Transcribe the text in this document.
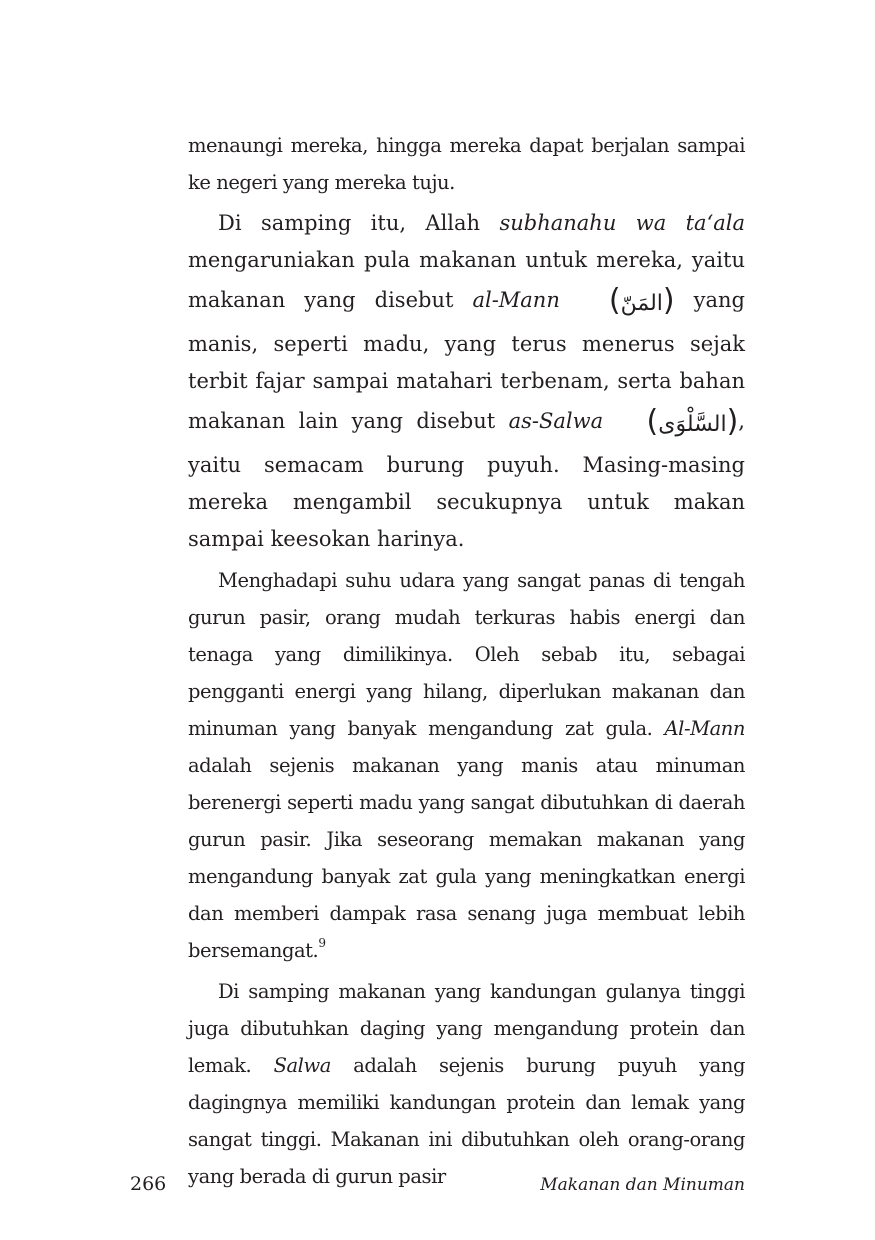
menaungi mereka, hingga mereka dapat berjalan sampai ke negeri yang mereka tuju.

Di samping itu, Allah subhanahu wa ta‘ala mengaruniakan pula makanan untuk mereka, yaitu makanan yang disebut al-Mann (المَنّ) yang manis, seperti madu, yang terus menerus sejak terbit fajar sampai matahari terbenam, serta bahan makanan lain yang disebut as-Salwa (السَّلْوَى), yaitu semacam burung puyuh. Masing-masing mereka mengambil secukupnya untuk makan sampai keesokan harinya.

Menghadapi suhu udara yang sangat panas di tengah gurun pasir, orang mudah terkuras habis energi dan tenaga yang dimilikinya. Oleh sebab itu, sebagai pengganti energi yang hilang, diperlukan makanan dan minuman yang banyak mengandung zat gula. Al-Mann adalah sejenis makanan yang manis atau minuman berenergi seperti madu yang sangat dibutuhkan di daerah gurun pasir. Jika seseorang memakan makanan yang mengandung banyak zat gula yang meningkatkan energi dan memberi dampak rasa senang juga membuat lebih bersemangat.$^9$

Di samping makanan yang kandungan gulanya tinggi juga dibutuhkan daging yang mengandung protein dan lemak. Salwa adalah sejenis burung puyuh yang dagingnya memiliki kandungan protein dan lemak yang sangat tinggi. Makanan ini dibutuhkan oleh orang-orang yang berada di gurun pasir

266	Makanan dan Minuman
